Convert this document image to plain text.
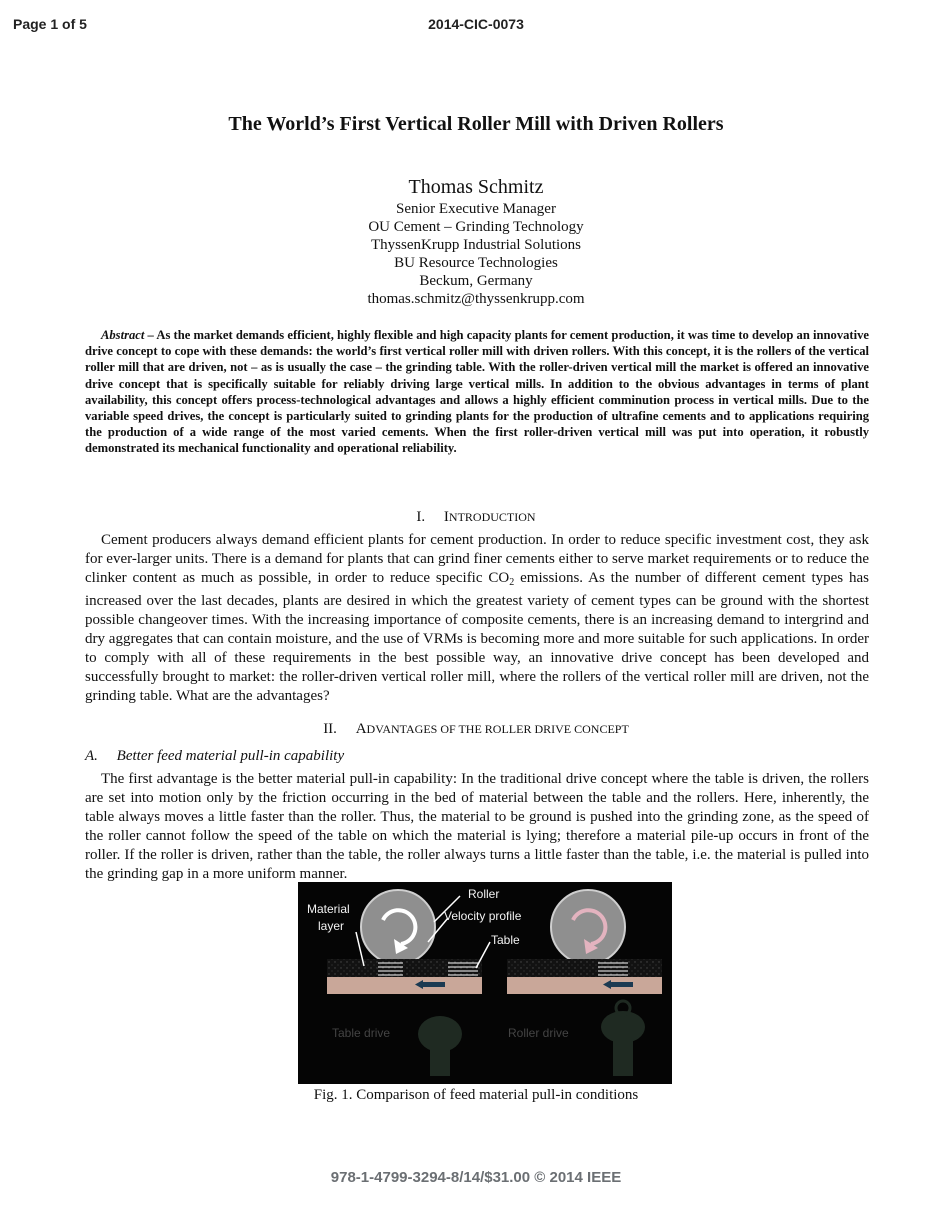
Page 1 of 5	2014-CIC-0073
The World’s First Vertical Roller Mill with Driven Rollers
Thomas Schmitz
Senior Executive Manager
OU Cement – Grinding Technology
ThyssenKrupp Industrial Solutions
BU Resource Technologies
Beckum, Germany
thomas.schmitz@thyssenkrupp.com
Abstract – As the market demands efficient, highly flexible and high capacity plants for cement production, it was time to develop an innovative drive concept to cope with these demands: the world’s first vertical roller mill with driven rollers. With this concept, it is the rollers of the vertical roller mill that are driven, not – as is usually the case – the grinding table. With the roller-driven vertical mill the market is offered an innovative drive concept that is specifically suitable for reliably driving large vertical mills. In addition to the obvious advantages in terms of plant availability, this concept offers process-technological advantages and allows a highly efficient comminution process in vertical mills. Due to the variable speed drives, the concept is particularly suited to grinding plants for the production of ultrafine cements and to applications requiring the production of a wide range of the most varied cements. When the first roller-driven vertical mill was put into operation, it robustly demonstrated its mechanical functionality and operational reliability.
I. INTRODUCTION

Cement producers always demand efficient plants for cement production. In order to reduce specific investment cost, they ask for ever-larger units. There is a demand for plants that can grind finer cements either to serve market requirements or to reduce the clinker content as much as possible, in order to reduce specific $CO_2$ emissions. As the number of different cement types has increased over the last decades, plants are desired in which the greatest variety of cement types can be ground with the shortest possible changeover times. With the increasing importance of composite cements, there is an increasing demand to intergrind and dry aggregates that can contain moisture, and the use of VRMs is becoming more and more suitable for such applications. In order to comply with all of these requirements in the best possible way, an innovative drive concept has been developed and successfully brought to market: the roller-driven vertical roller mill, where the rollers of the vertical roller mill are driven, not the grinding table. What are the advantages?

II. ADVANTAGES OF THE ROLLER DRIVE CONCEPT
A. Better feed material pull-in capability

The first advantage is the better material pull-in capability: In the traditional drive concept where the table is driven, the rollers are set into motion only by the friction occurring in the bed of material between the table and the rollers. Here, inherently, the table always moves a little faster than the roller. Thus, the material to be ground is pushed into the grinding zone, as the speed of the roller cannot follow the speed of the table on which the material is lying; therefore a material pile-up occurs in front of the roller. If the roller is driven, rather than the table, the roller always turns a little faster than the table, i.e. the material is pulled into the grinding gap in a more uniform manner.

Material
layer
Roller
Velocity profile
Table
Table drive	Roller drive
Fig. 1. Comparison of feed material pull-in conditions
978-1-4799-3294-8/14/$31.00 © 2014 IEEE
